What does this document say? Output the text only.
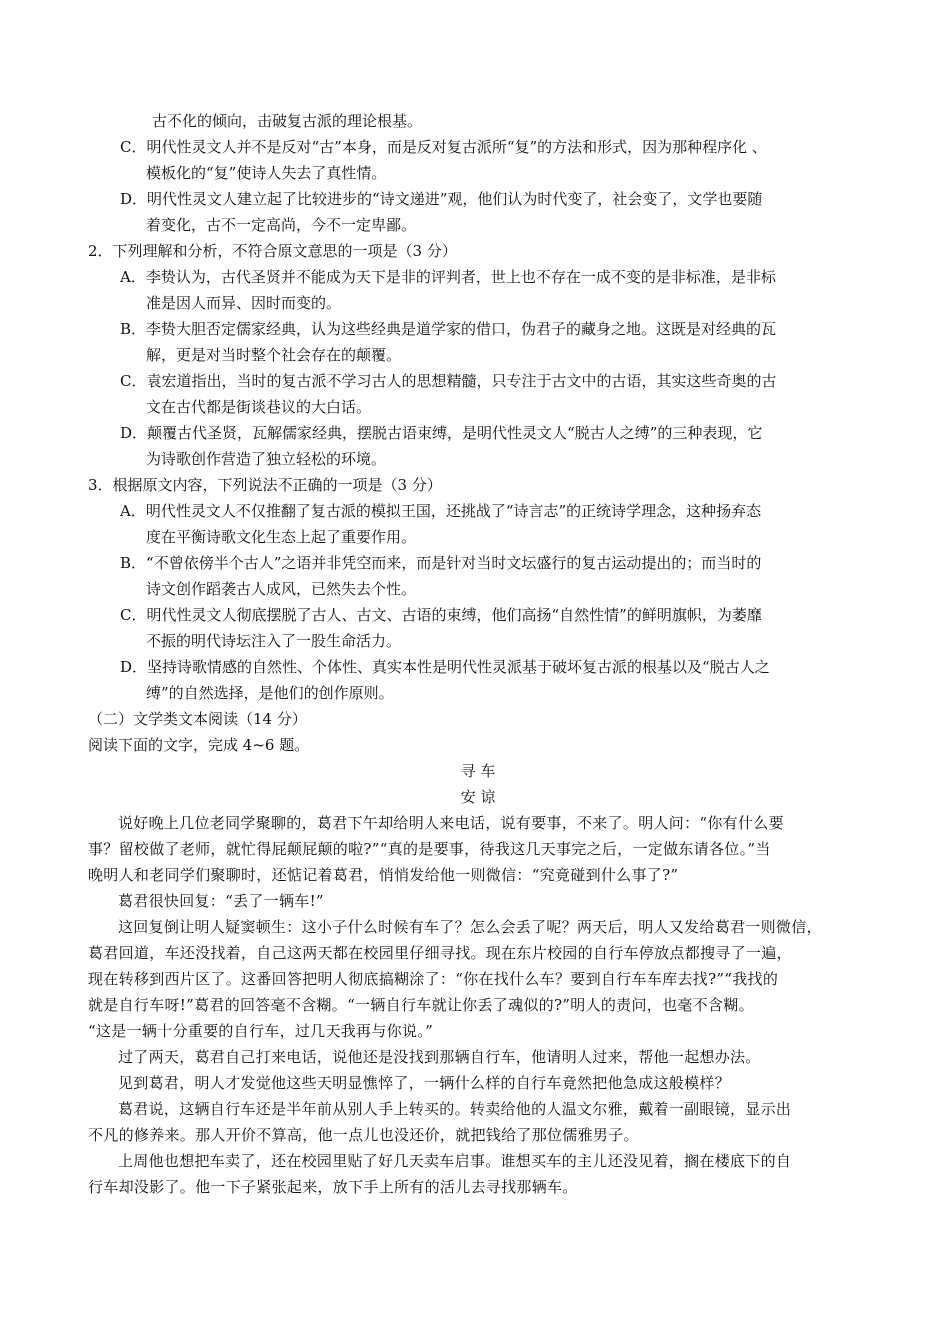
古不化的倾向，击破复古派的理论根基。
C．明代性灵文人并不是反对“古”本身，而是反对复古派所“复”的方法和形式，因为那种程序化 、
模板化的“复”使诗人失去了真性情。
D．明代性灵文人建立起了比较进步的“诗文递进”观，他们认为时代变了，社会变了，文学也要随
着变化，古不一定高尚，今不一定卑鄙。
2．下列理解和分析，不符合原文意思的一项是（3 分）
A．李贽认为，古代圣贤并不能成为天下是非的评判者，世上也不存在一成不变的是非标准，是非标
准是因人而异、因时而变的。
B．李贽大胆否定儒家经典，认为这些经典是道学家的借口，伪君子的藏身之地。这既是对经典的瓦
解，更是对当时整个社会存在的颠覆。
C．袁宏道指出，当时的复古派不学习古人的思想精髓，只专注于古文中的古语，其实这些奇奥的古
文在古代都是街谈巷议的大白话。
D．颠覆古代圣贤，瓦解儒家经典，摆脱古语束缚，是明代性灵文人“脱古人之缚”的三种表现，它
为诗歌创作营造了独立轻松的环境。
3．根据原文内容，下列说法不正确的一项是（3 分）
A．明代性灵文人不仅推翻了复古派的模拟王国，还挑战了“诗言志”的正统诗学理念，这种扬弃态
度在平衡诗歌文化生态上起了重要作用。
B．“不曾依傍半个古人”之语并非凭空而来，而是针对当时文坛盛行的复古运动提出的；而当时的
诗文创作蹈袭古人成风，已然失去个性。
C．明代性灵文人彻底摆脱了古人、古文、古语的束缚，他们高扬“自然性情”的鲜明旗帜，为萎靡
不振的明代诗坛注入了一股生命活力。
D．坚持诗歌情感的自然性、个体性、真实本性是明代性灵派基于破坏复古派的根基以及“脱古人之
缚”的自然选择，是他们的创作原则。
（二）文学类文本阅读（14 分）
阅读下面的文字，完成 4~6 题。
寻 车
安 谅
说好晚上几位老同学聚聊的，葛君下午却给明人来电话，说有要事，不来了。明人问：“你有什么要
事？留校做了老师，就忙得屁颠屁颠的啦?”“真的是要事，待我这几天事完之后，一定做东请各位。”当
晚明人和老同学们聚聊时，还惦记着葛君，悄悄发给他一则微信：“究竟碰到什么事了?”
葛君很快回复：“丢了一辆车!”
这回复倒让明人疑窦顿生：这小子什么时候有车了？怎么会丢了呢？两天后，明人又发给葛君一则微信，
葛君回道，车还没找着，自己这两天都在校园里仔细寻找。现在东片校园的自行车停放点都搜寻了一遍，
现在转移到西片区了。这番回答把明人彻底搞糊涂了：“你在找什么车？要到自行车车库去找?”“我找的
就是自行车呀!”葛君的回答毫不含糊。“一辆自行车就让你丢了魂似的?”明人的责问，也毫不含糊。
“这是一辆十分重要的自行车，过几天我再与你说。”
过了两天，葛君自己打来电话，说他还是没找到那辆自行车，他请明人过来，帮他一起想办法。
见到葛君，明人才发觉他这些天明显憔悴了，一辆什么样的自行车竟然把他急成这般模样？
葛君说，这辆自行车还是半年前从别人手上转买的。转卖给他的人温文尔雅，戴着一副眼镜，显示出
不凡的修养来。那人开价不算高，他一点儿也没还价，就把钱给了那位儒雅男子。
上周他也想把车卖了，还在校园里贴了好几天卖车启事。谁想买车的主儿还没见着，搁在楼底下的自
行车却没影了。他一下子紧张起来，放下手上所有的活儿去寻找那辆车。
